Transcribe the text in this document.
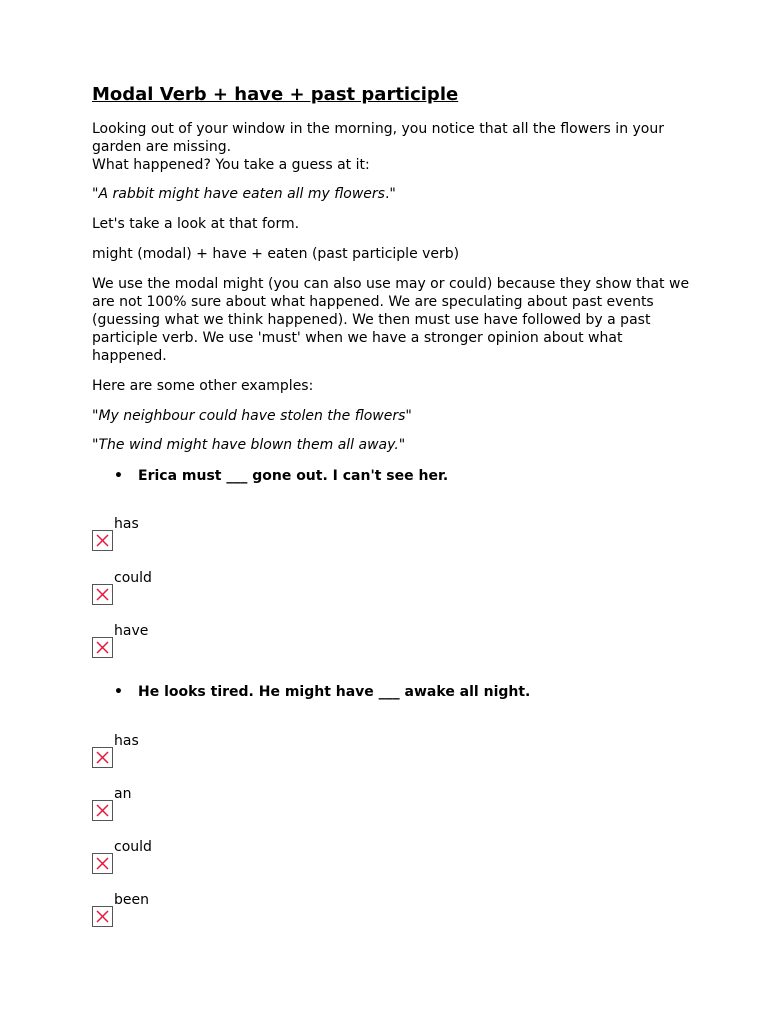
Modal Verb + have + past participle

Looking out of your window in the morning, you notice that all the flowers in your garden are missing.
What happened? You take a guess at it:

"A rabbit might have eaten all my flowers."

Let's take a look at that form.

might (modal) + have + eaten (past participle verb)

We use the modal might (you can also use may or could) because they show that we are not 100% sure about what happened. We are speculating about past events (guessing what we think happened). We then must use have followed by a past participle verb. We use 'must' when we have a stronger opinion about what happened.

Here are some other examples:

"My neighbour could have stolen the flowers"

"The wind might have blown them all away."

• Erica must ___ gone out. I can't see her.
has
could
have
• He looks tired. He might have ___ awake all night.
has
an
could
been
